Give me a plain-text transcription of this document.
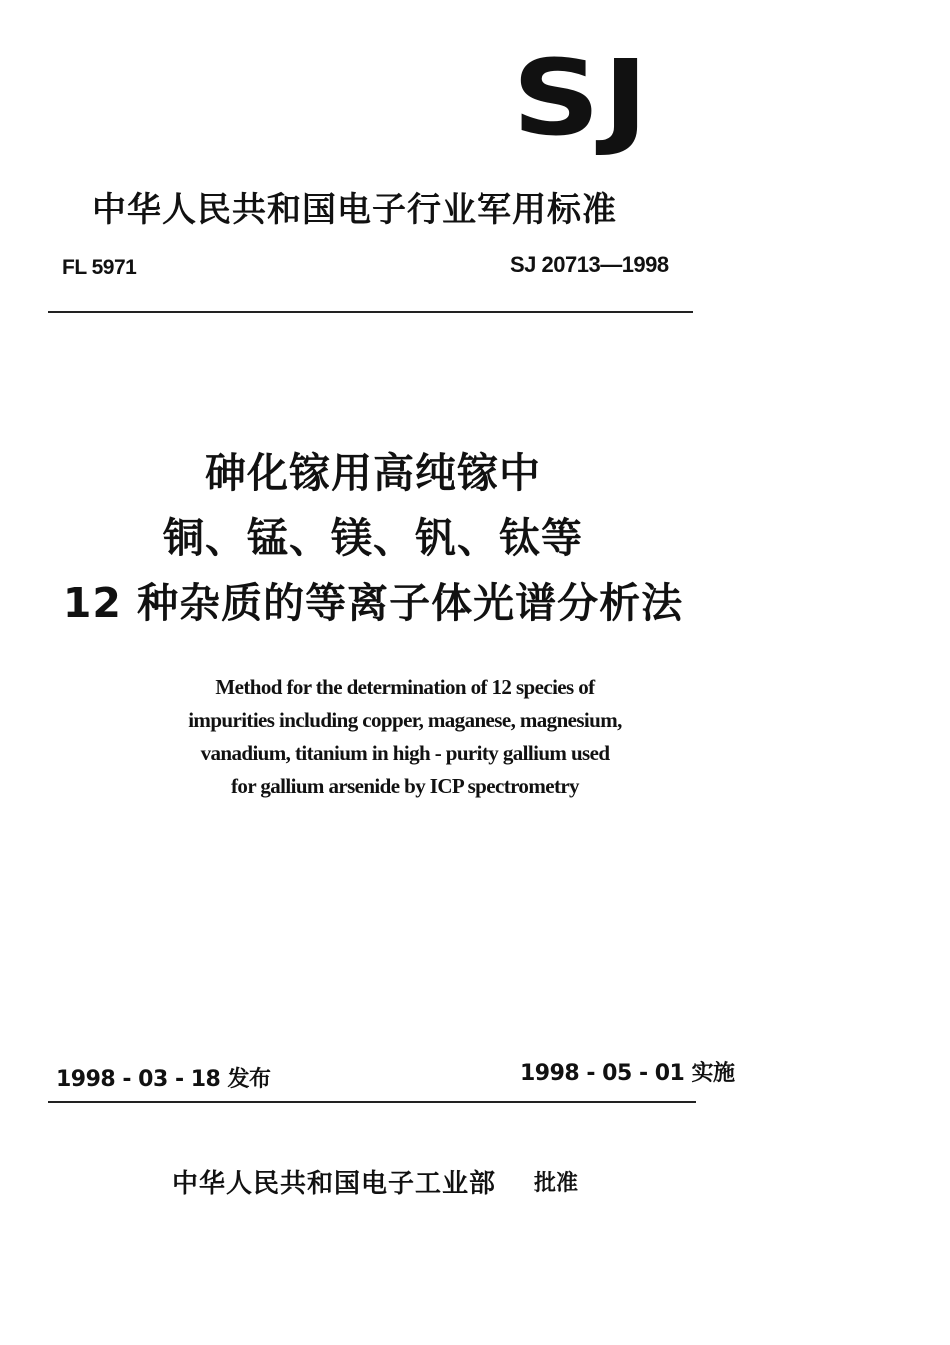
SJ
中华人民共和国电子行业军用标准
FL 5971	SJ 20713—1998
砷化镓用高纯镓中
铜、锰、镁、钒、钛等
12 种杂质的等离子体光谱分析法
Method for the determination of 12 species of
impurities including copper, maganese, magnesium,
vanadium, titanium in high - purity gallium used
for gallium arsenide by ICP spectrometry
1998 - 03 - 18 发布	1998 - 05 - 01 实施
中华人民共和国电子工业部 批准
